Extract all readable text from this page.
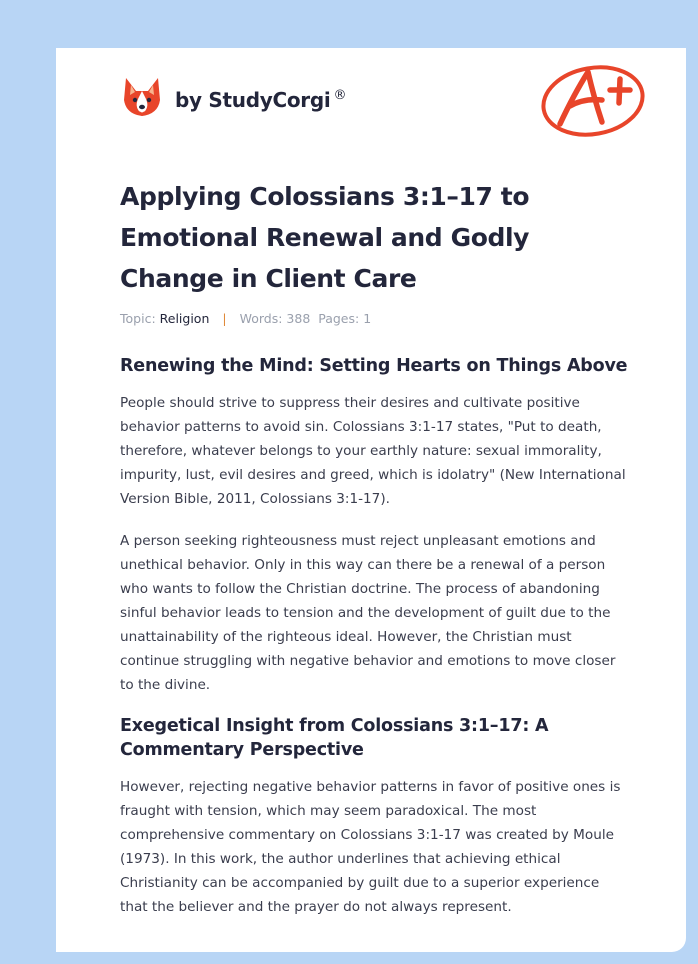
by StudyCorgi ®
Applying Colossians 3:1–17 to Emotional Renewal and Godly Change in Client Care
Topic: Religion | Words: 388 Pages: 1
Renewing the Mind: Setting Hearts on Things Above

People should strive to suppress their desires and cultivate positive behavior patterns to avoid sin. Colossians 3:1-17 states, "Put to death, therefore, whatever belongs to your earthly nature: sexual immorality, impurity, lust, evil desires and greed, which is idolatry" (New International Version Bible, 2011, Colossians 3:1-17).

A person seeking righteousness must reject unpleasant emotions and unethical behavior. Only in this way can there be a renewal of a person who wants to follow the Christian doctrine. The process of abandoning sinful behavior leads to tension and the development of guilt due to the unattainability of the righteous ideal. However, the Christian must continue struggling with negative behavior and emotions to move closer to the divine.

Exegetical Insight from Colossians 3:1–17: A Commentary Perspective

However, rejecting negative behavior patterns in favor of positive ones is fraught with tension, which may seem paradoxical. The most comprehensive commentary on Colossians 3:1-17 was created by Moule (1973). In this work, the author underlines that achieving ethical Christianity can be accompanied by guilt due to a superior experience that the believer and the prayer do not always represent.
